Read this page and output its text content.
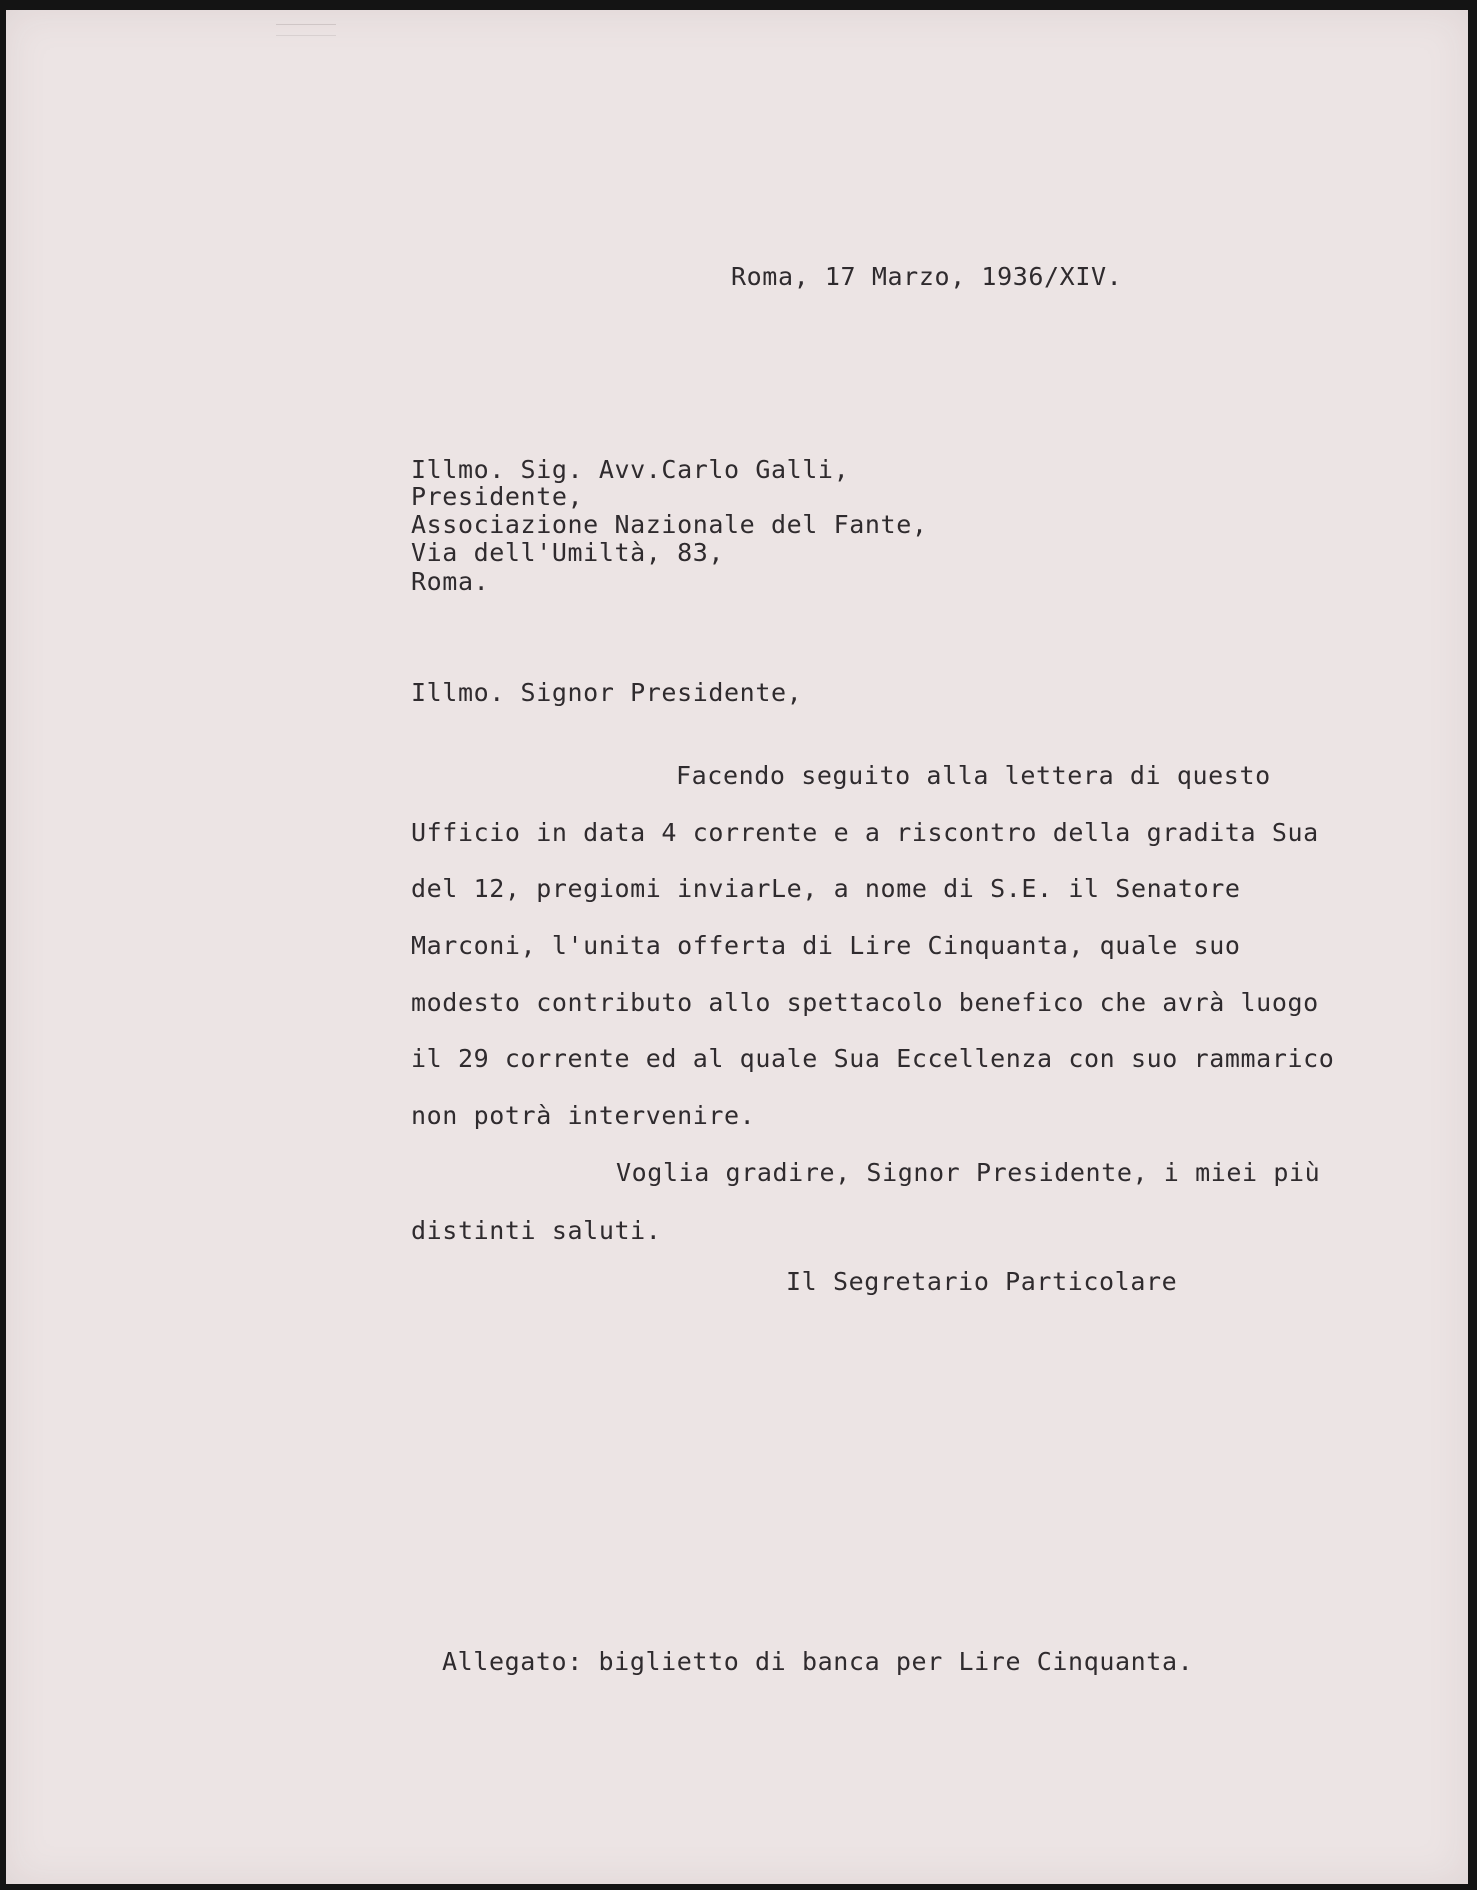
Roma, 17 Marzo, 1936/XIV.
Illmo. Sig. Avv.Carlo Galli,
Presidente,
Associazione Nazionale del Fante,
Via dell'Umiltà, 83,
Roma.
Illmo. Signor Presidente,
Facendo seguito alla lettera di questo
Ufficio in data 4 corrente e a riscontro della gradita Sua
del 12, pregiomi inviarLe, a nome di S.E. il Senatore
Marconi, l'unita offerta di Lire Cinquanta, quale suo
modesto contributo allo spettacolo benefico che avrà luogo
il 29 corrente ed al quale Sua Eccellenza con suo rammarico
non potrà intervenire.
Voglia gradire, Signor Presidente, i miei più
distinti saluti.
Il Segretario Particolare
Allegato: biglietto di banca per Lire Cinquanta.
